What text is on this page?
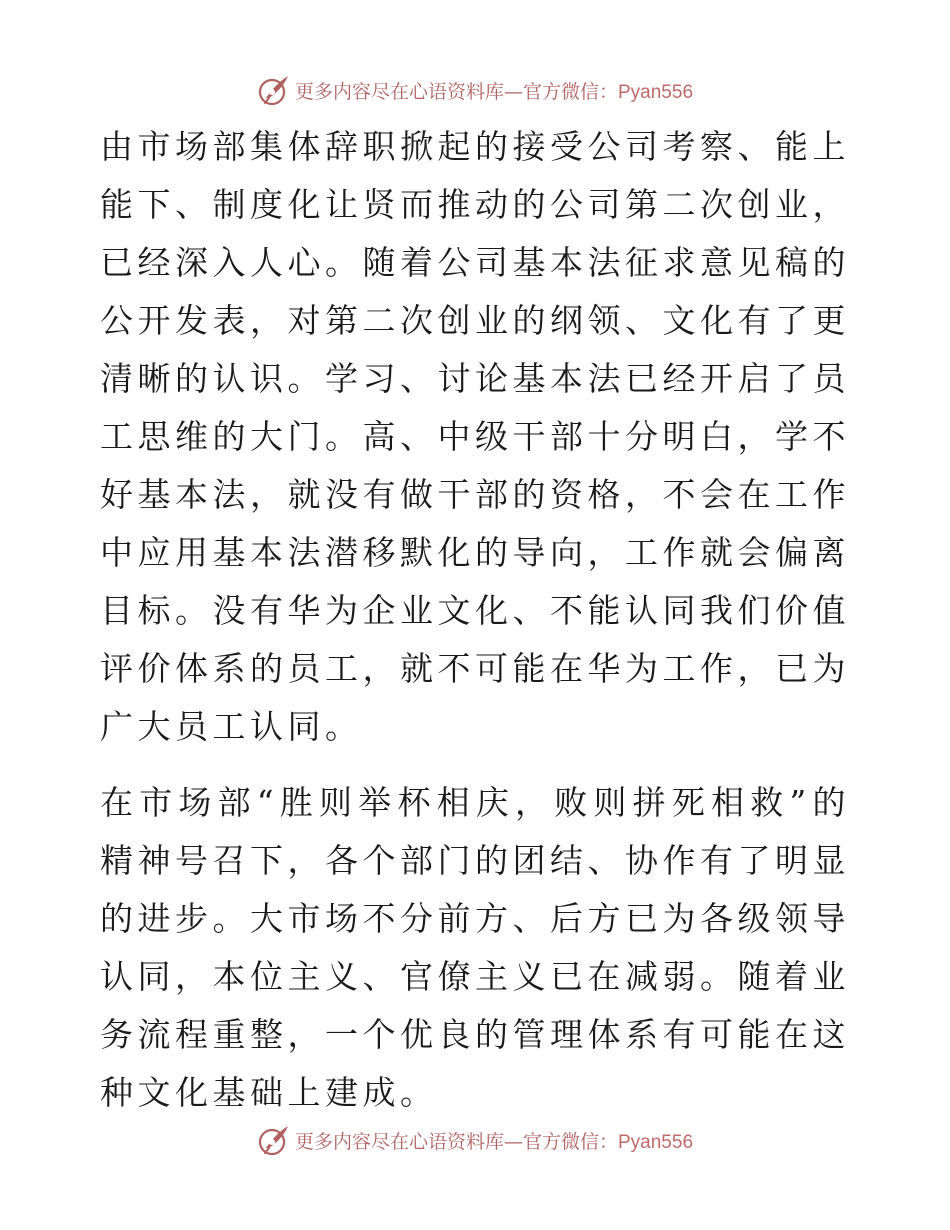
更多内容尽在心语资料库—官方微信：Pyan556

由市场部集体辞职掀起的接受公司考察、能上能下、制度化让贤而推动的公司第二次创业，已经深入人心。随着公司基本法征求意见稿的公开发表，对第二次创业的纲领、文化有了更清晰的认识。学习、讨论基本法已经开启了员工思维的大门。高、中级干部十分明白，学不好基本法，就没有做干部的资格，不会在工作中应用基本法潜移默化的导向，工作就会偏离目标。没有华为企业文化、不能认同我们价值评价体系的员工，就不可能在华为工作，已为广大员工认同。

在市场部“胜则举杯相庆，败则拼死相救”的精神号召下，各个部门的团结、协作有了明显的进步。大市场不分前方、后方已为各级领导认同，本位主义、官僚主义已在减弱。随着业务流程重整，一个优良的管理体系有可能在这种文化基础上建成。

更多内容尽在心语资料库—官方微信：Pyan556
